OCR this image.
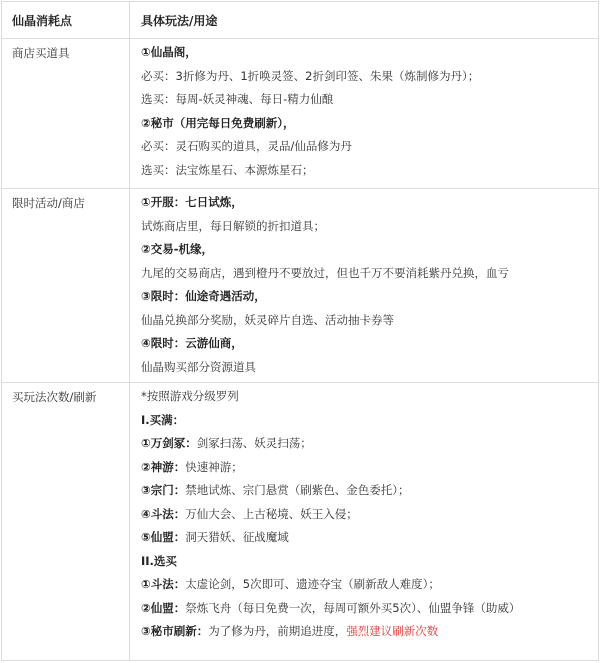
仙晶消耗点	具体玩法/用途
商店买道具	①仙晶阁，
必买：3折修为丹、1折唤灵签、2折剑印签、朱果（炼制修为丹）；
选买：每周-妖灵神魂、每日-精力仙酿
②秘市（用完每日免费刷新），
必买：灵石购买的道具，灵品/仙品修为丹
选买：法宝炼星石、本源炼星石；
限时活动/商店	①开服：七日试炼，
试炼商店里，每日解锁的折扣道具；
②交易-机缘，
九尾的交易商店，遇到橙丹不要放过，但也千万不要消耗紫丹兑换，血亏
③限时：仙途奇遇活动，
仙晶兑换部分奖励，妖灵碎片自选、活动抽卡券等
④限时：云游仙商，
仙晶购买部分资源道具
买玩法次数/刷新	*按照游戏分级罗列
I.买满：
①万剑冢：剑冢扫荡、妖灵扫荡；
②神游：快速神游；
③宗门：禁地试炼、宗门悬赏（刷紫色、金色委托）；
④斗法：万仙大会、上古秘境、妖王入侵；
⑤仙盟：洞天猎妖、征战魔域
II.选买
①斗法：太虚论剑，5次即可、遗迹夺宝（刷新敌人难度）；
②仙盟：祭炼飞舟（每日免费一次，每周可额外买5次）、仙盟争锋（助威）
③秘市刷新：为了修为丹，前期追进度，强烈建议刷新次数
